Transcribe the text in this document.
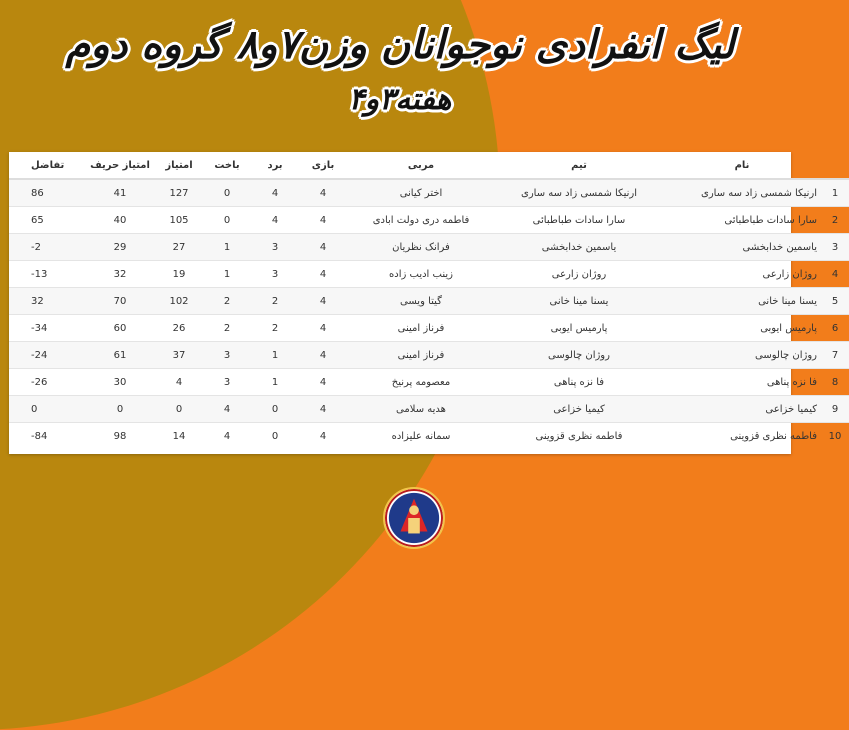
لیگ انفرادی نوجوانان وزن۷و۸ گروه دوم
هفته۳و۴
	نام	تیم	مربی	بازی	برد	باخت	امتیاز	امتیاز حریف	تفاضل
1	ارنیکا شمسی زاد سه ساری	ارنیکا شمسی زاد سه ساری	اختر کیانی	4	4	0	127	41	86
2	سارا سادات طباطبائی	سارا سادات طباطبائی	فاطمه دری دولت ابادی	4	4	0	105	40	65
3	یاسمین خدابخشی	یاسمین خدابخشی	فرانک نظریان	4	3	1	27	29	-2
4	روژان زارعی	روژان زارعی	زینب ادیب زاده	4	3	1	19	32	-13
5	یسنا مینا خانی	یسنا مینا خانی	گیتا ویسی	4	2	2	102	70	32
6	پارمیس ایوبی	پارمیس ایوبی	فرناز امینی	4	2	2	26	60	-34
7	روژان چالوسی	روژان چالوسی	فرناز امینی	4	1	3	37	61	-24
8	فا نزه پناهی	فا نزه پناهی	معصومه پرنیخ	4	1	3	4	30	-26
9	کیمیا خزاعی	کیمیا خزاعی	هدیه سلامی	4	0	4	0	0	0
10	فاطمه نظری قزوینی	فاطمه نظری قزوینی	سمانه علیزاده	4	0	4	14	98	-84
